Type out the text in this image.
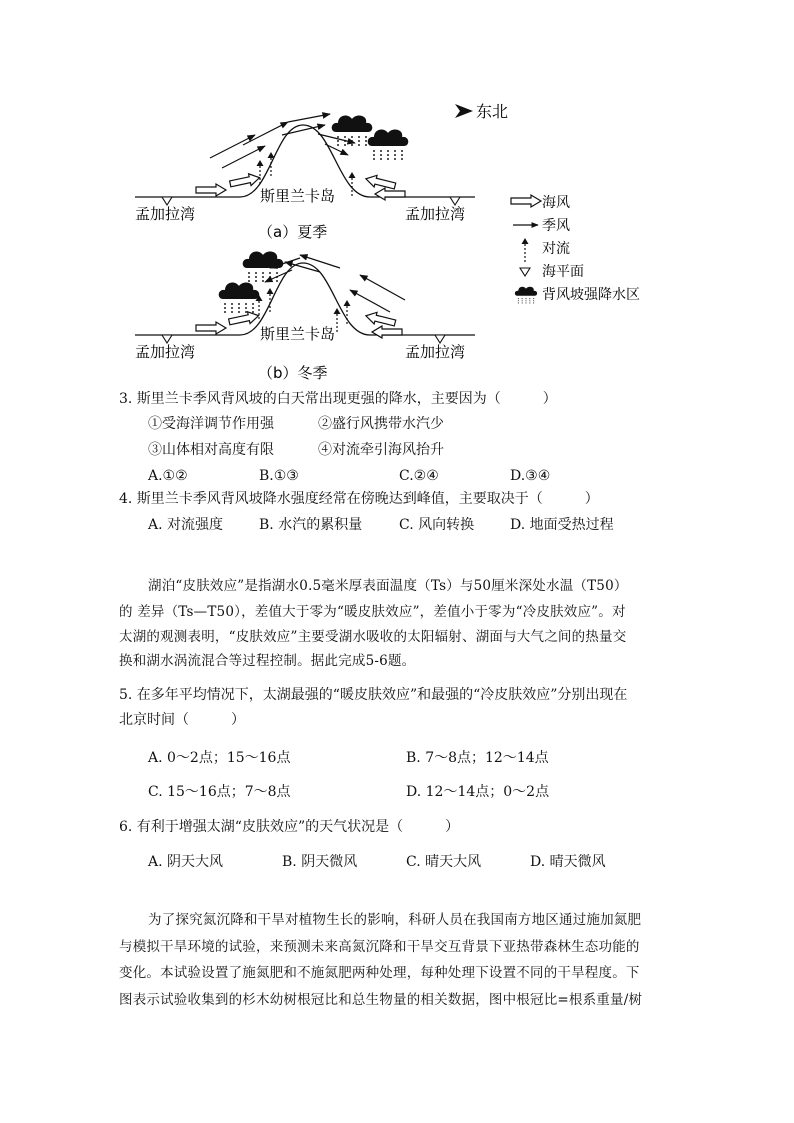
东北
斯里兰卡岛
孟加拉湾	孟加拉湾
（a）夏季
斯里兰卡岛
孟加拉湾	孟加拉湾
（b）冬季
海风
季风
对流
海平面
背风坡强降水区
3. 斯里兰卡季风背风坡的白天常出现更强的降水，主要因为（　　　）
①受海洋调节作用强	②盛行风携带水汽少
③山体相对高度有限	④对流牵引海风抬升
A.①②	B.①③	C.②④	D.③④
4. 斯里兰卡季风背风坡降水强度经常在傍晚达到峰值，主要取决于（　　　）
A. 对流强度	B. 水汽的累积量	C. 风向转换	D. 地面受热过程
湖泊“皮肤效应”是指湖水0.5毫米厚表面温度（Ts）与50厘米深处水温（T50）
的 差异（Ts—T50），差值大于零为“暖皮肤效应”，差值小于零为“冷皮肤效应”。对
太湖的观测表明，“皮肤效应”主要受湖水吸收的太阳辐射、湖面与大气之间的热量交
换和湖水涡流混合等过程控制。据此完成5-6题。
5. 在多年平均情况下，太湖最强的“暖皮肤效应”和最强的“冷皮肤效应”分别出现在
北京时间（　　　）
A. 0～2点；15～16点	B. 7～8点；12～14点
C. 15～16点；7～8点	D. 12～14点；0～2点
6. 有利于增强太湖“皮肤效应”的天气状况是（　　　）
A. 阴天大风	B. 阴天微风	C. 晴天大风	D. 晴天微风
为了探究氮沉降和干旱对植物生长的影响，科研人员在我国南方地区通过施加氮肥
与模拟干旱环境的试验，来预测未来高氮沉降和干旱交互背景下亚热带森林生态功能的
变化。本试验设置了施氮肥和不施氮肥两种处理，每种处理下设置不同的干旱程度。下
图表示试验收集到的杉木幼树根冠比和总生物量的相关数据，图中根冠比=根系重量/树
